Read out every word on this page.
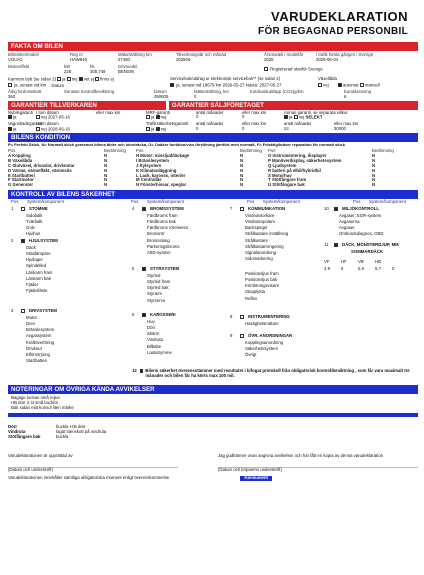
VARUDEKLARATION
FÖR BEGAGNAD PERSONBIL
FAKTA OM BILEN
Bilmärke/modell
VOLVO
Reg nr
HAW840
Mätarställning km
27450
Tillverkningsår och månad
202506
Årsmodell / modellår
2025
I trafik första gången i Sverige
2025-06-04
Motoreffekt	kW
228
hk
305.748
Drivmedel
BENSIN	Registrerad utanför Sverige
Kamrem bytt (se sidan 2) ja nej vet ej finns ej	Servicebok/utdrag ur elektronisk servicebok** (se sidan 2)	Växellåda
ja, senast vid km Datum	ja, senast vid 18679 km 2026-05-27 Nästa: 2027-05-27	nej	automat manuell
Årlig fordonsskatt
360
Senaste kontrollbesiktning	Datum
250605
Mätarställning, km
0
Koldioxidutsläpp (CO2)g/km	Euroklassning
6
GARANTIER TILLVERKAREN	GARANTIER SÄLJFÖRETAGET
Nybilsgaranti
ja
I tom datum
nej 2027-06-16
eller max km	MRF-garanti
ja nej
antal månader
0
eller max km
0
Annan garanti, se separata villkor
ja nej SELEKT
Vagnskadegaranti
ja
I tom datum
nej 2028-06-16
Trafiksäkerhetsgaranti
ja nej
antal månader
0
eller max km
0
antal månader
24
eller max km
30000
BILENS KONDITION
P= Perfekt Skick, N= Normalt skick gentemot bilens ålder och körsträcka, O= Osäker funktion/viss förslitning jämfört med normalt, F= Felaktig/kräver reparation för normalt skick
Pos	Bedömning	Pos	Bedömning	Pos	Bedömning
A Koppling	N	H Motor: missljud/läckage	N	O Instrumentering, displayer	N
B Växellåda	N	I Bränslesystem	N	P Manöverdisplay, säkerhetssystem	N
C Slutväxel, drivaxlar, drivknutar	N	J Kylsystem	N	Q Ljudsystem	N
D Värme, värmefläkt, värmesits	N	K Klimatanläggning	N	R batteri på elbil/hybridbil	N
E Startbatteri	N	L Lack, karosss, interiör	N	S Motorhuv	N
F Startmotor	N	M Centrallås	N	T Stötfångare fram	N
G Generator	N	N Fönsterhissar, speglar	N	U Stötfångare bak	N
KONTROLL AV BILENS SÄKERHET
Pos	System/komponent	Pos	System/komponent	Pos	System/komponent	Pos	System/komponent
1	STOMME
Sidobalk
Tvärbalk
Golv
Hjulhus
2	HJULSYSTEM
Däck
Stötdämpare
Hjullager
Spindelled
Länkarm fram
Länkarm bak
Fjäder
Fjäderfäste
3	DRIVSYSTEM
Motor
Drev
Bränslesystem
Avgassystem
Kraftöverföring
Drivknut
Elförsörjning
Startbatteri
4	BROMSSYSTEM
Färdbroms fram
Färdbroms bak
Färdbroms rörelseres.
Bromsrör
Bromsslang
Parkeringsbroms
ABS-system
5	STYRSYSTEM
Styrled
Styrled fram
Styrled bak
Styrarm
Styrservo
6	KAROSSERI
Huv
Dörr
Skärm
Vindruta
Bilbälte
Lastutrymme
7	KOMMUNIKATION
Vindrutetorkare
Vindrutespolare
Backspegel
Strålkastare inställning
Strålkastare
Strålkastarrengöring
Signalanordning
Sidomarkering
Positionsljus fram
Positionsljus bak
Körriktningsvisare
Stopplykta
Reflex
8	INSTRUMENTERING
Hastighetsmätare
9	ÖVR. ANORDNINGAR
Kopplingsanordning
Säkerhetssystem
Övrigt
10	MILJÖKONTROLL
Avgaser, EGR-system
Avgaserna
Avgaser
Ombordsdiagnos, OBD
11	DÄCK, MÖNSTERDJUP, MM
SOMMARDÄCK
VF	HF	VB	HB
4.9	5	5.6	5.7	0
12	Bilens säkerhet överensstämmer med resultatet i bifogat protokoll från obligatorisk kontrollbesiktning , som får vara maximalt tre månader och bilen får ha körts max 100 mil.
NOTERINGAR OM ÖVRIGA KÄNDA AVVIKELSER
Bagage luckan små repor
HB dörr 2 st små bucklor
Bak sidan mitt konsol liten märke
Dörr	buckla H:B dörr
Vindruta	lagat stenskott på vindruta
Stötfångare bak	buckla
Varudeklarationen är upprättad av
(Datum och underskrift)
Jag godkänner ovan angivna avvikelser och har fått en kopia av denna varudeklaration
(Datum och köparens underskrift)
Varudeklarationen innehåller samtliga obligatoriska moment enligt överenskommelse	Konsument
